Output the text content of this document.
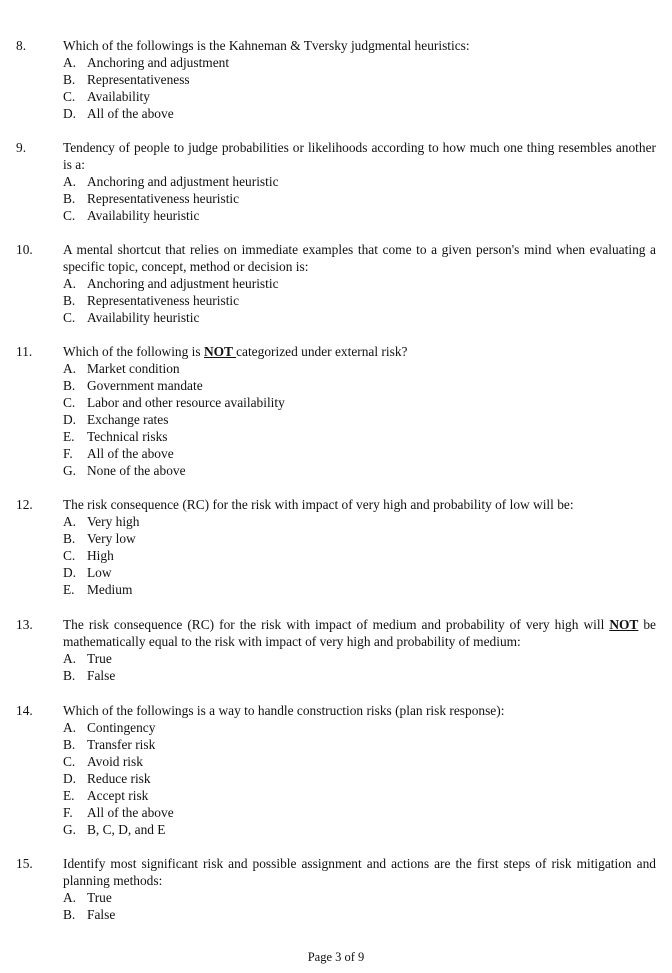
8.	Which of the followings is the Kahneman & Tversky judgmental heuristics:
A. Anchoring and adjustment
B. Representativeness
C. Availability
D. All of the above
9.	Tendency of people to judge probabilities or likelihoods according to how much one thing resembles another is a:
A. Anchoring and adjustment heuristic
B. Representativeness heuristic
C. Availability heuristic
10.	A mental shortcut that relies on immediate examples that come to a given person's mind when evaluating a specific topic, concept, method or decision is:
A. Anchoring and adjustment heuristic
B. Representativeness heuristic
C. Availability heuristic
11.	Which of the following is NOT categorized under external risk?
A. Market condition
B. Government mandate
C. Labor and other resource availability
D. Exchange rates
E. Technical risks
F. All of the above
G. None of the above
12.	The risk consequence (RC) for the risk with impact of very high and probability of low will be:
A. Very high
B. Very low
C. High
D. Low
E. Medium
13.	The risk consequence (RC) for the risk with impact of medium and probability of very high will NOT be mathematically equal to the risk with impact of very high and probability of medium:
A. True
B. False
14.	Which of the followings is a way to handle construction risks (plan risk response):
A. Contingency
B. Transfer risk
C. Avoid risk
D. Reduce risk
E. Accept risk
F. All of the above
G. B, C, D, and E
15.	Identify most significant risk and possible assignment and actions are the first steps of risk mitigation and planning methods:
A. True
B. False
Page 3 of 9
